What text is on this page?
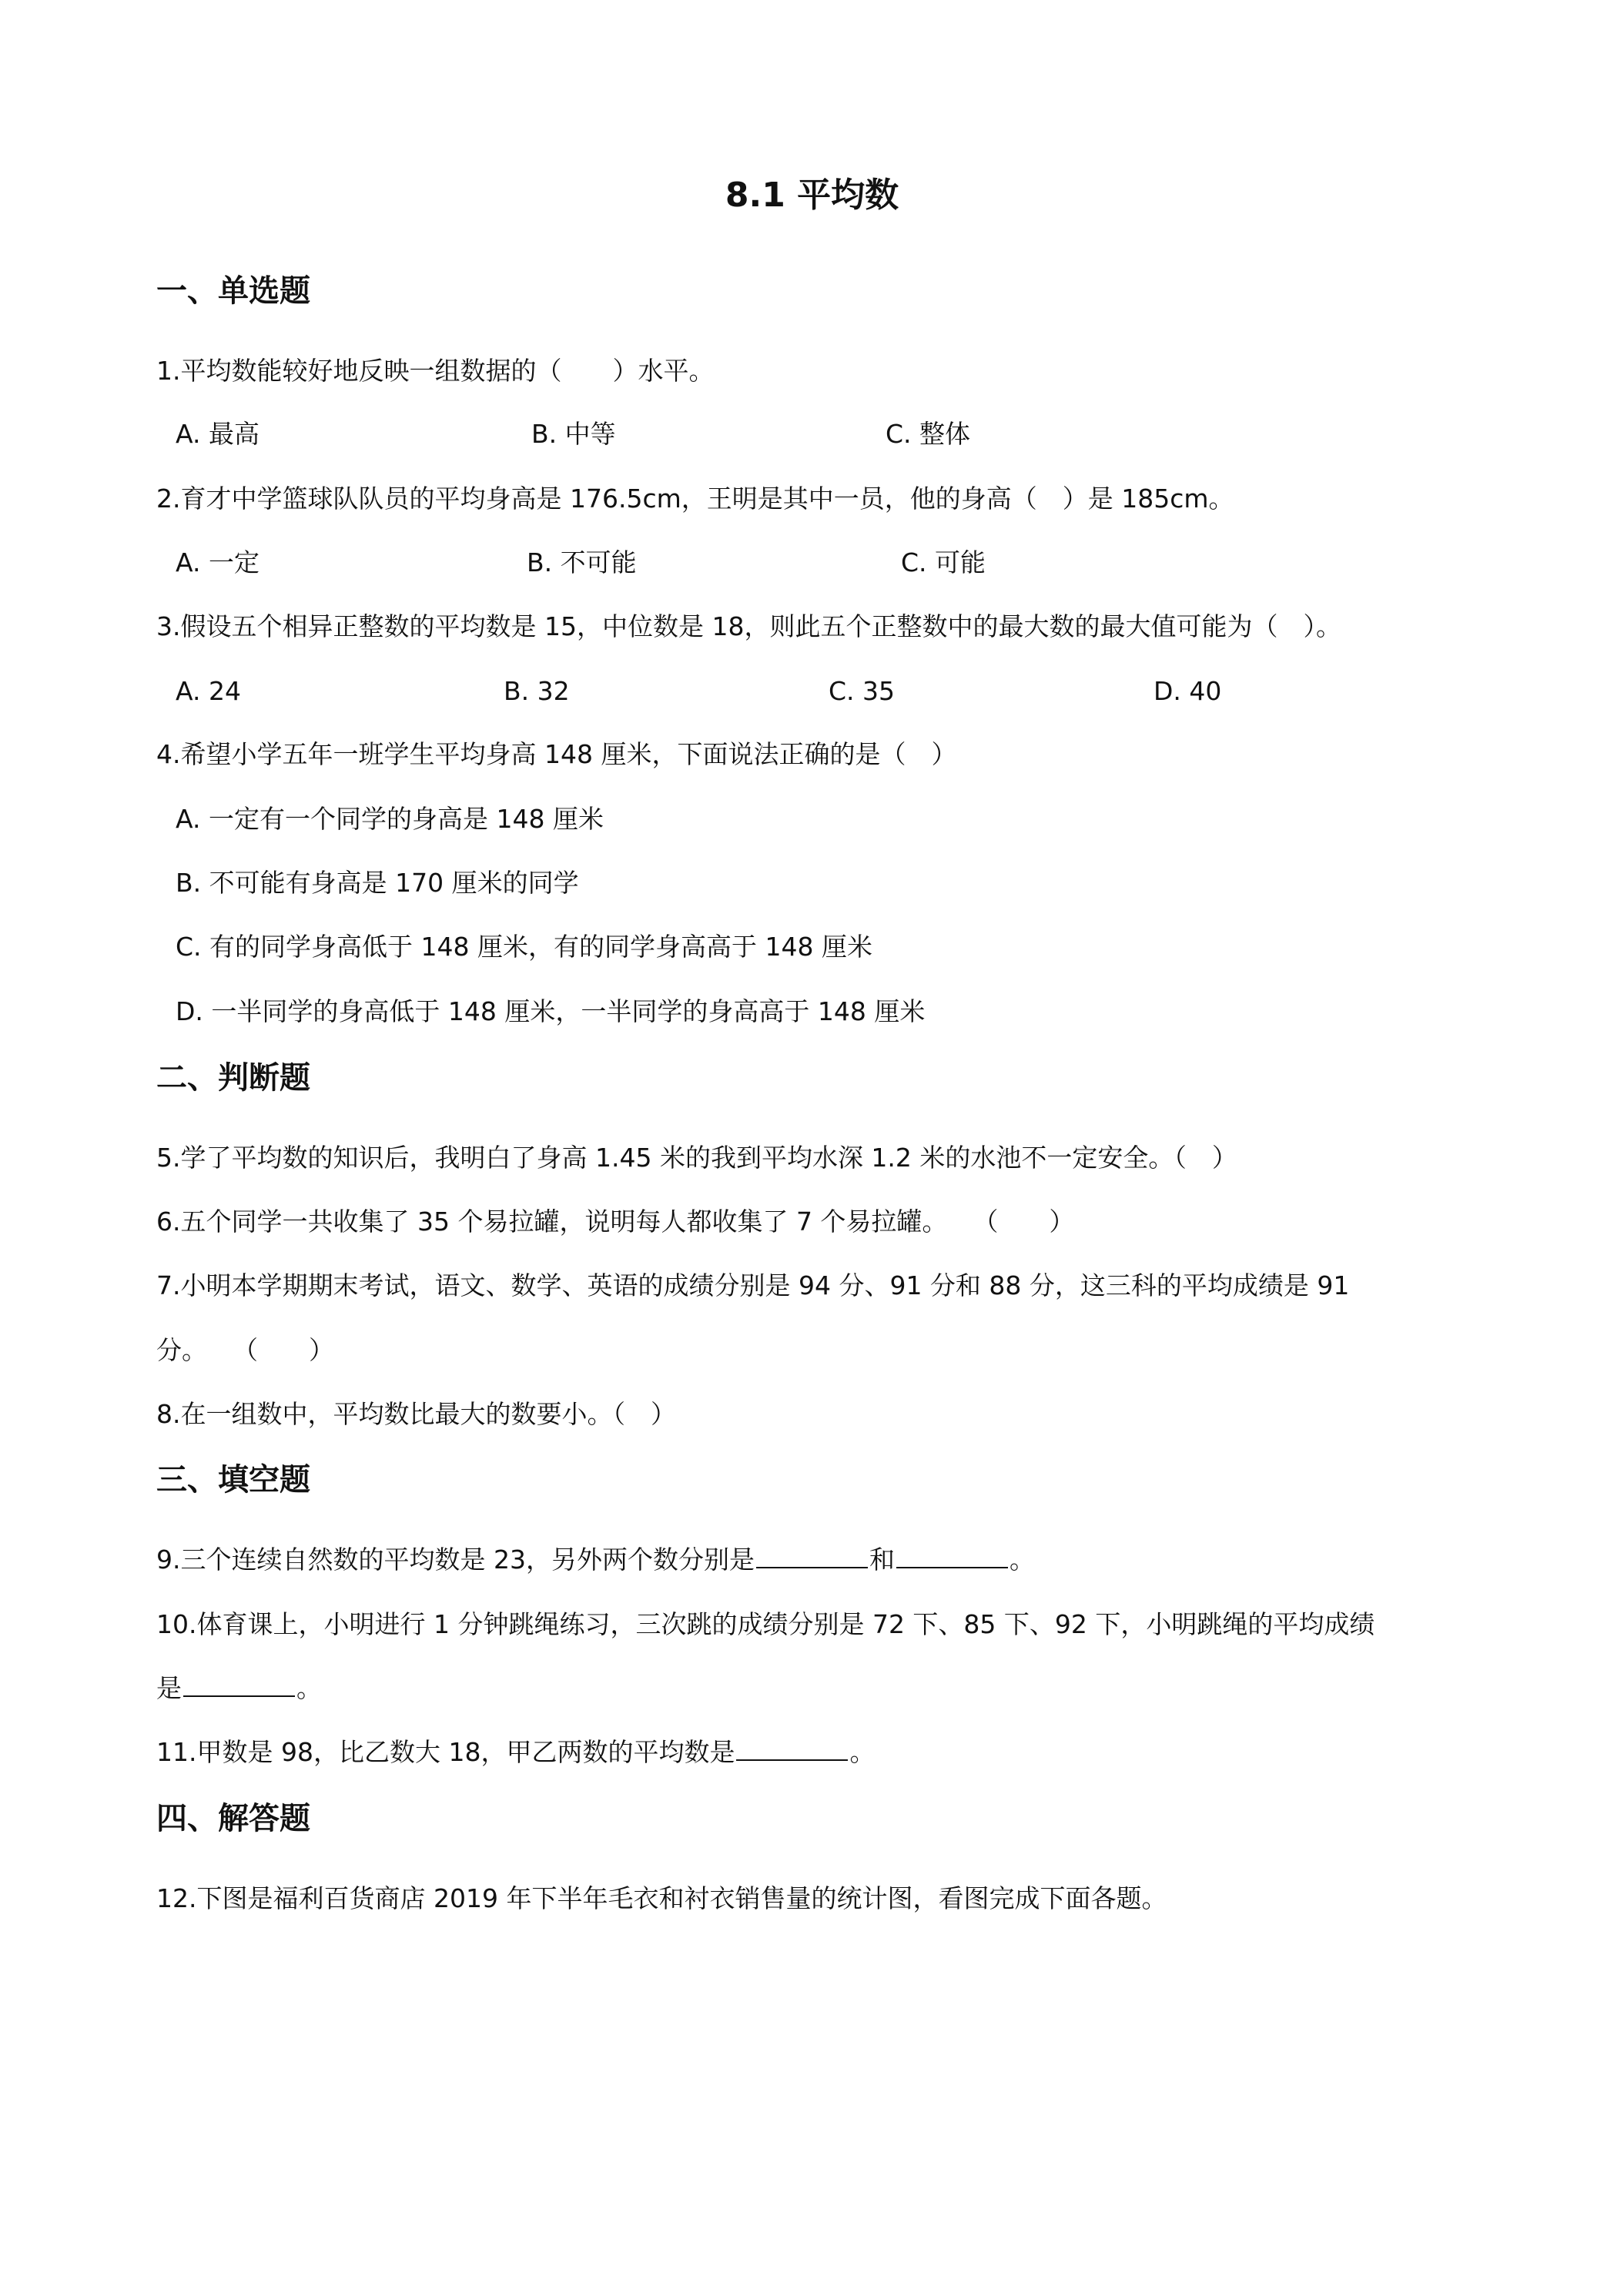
8.1 平均数
一、单选题
1.平均数能较好地反映一组数据的（　　）水平。
A. 最高	B. 中等	C. 整体
2.育才中学篮球队队员的平均身高是 176.5cm，王明是其中一员，他的身高（　）是 185cm。
A. 一定	B. 不可能	C. 可能
3.假设五个相异正整数的平均数是 15，中位数是 18，则此五个正整数中的最大数的最大值可能为（　）。
A. 24	B. 32	C. 35	D. 40
4.希望小学五年一班学生平均身高 148 厘米，下面说法正确的是（　）
A. 一定有一个同学的身高是 148 厘米
B. 不可能有身高是 170 厘米的同学
C. 有的同学身高低于 148 厘米，有的同学身高高于 148 厘米
D. 一半同学的身高低于 148 厘米，一半同学的身高高于 148 厘米
二、判断题
5.学了平均数的知识后，我明白了身高 1.45 米的我到平均水深 1.2 米的水池不一定安全。（　）
6.五个同学一共收集了 35 个易拉罐，说明每人都收集了 7 个易拉罐。　　（　　）
7.小明本学期期末考试，语文、数学、英语的成绩分别是 94 分、91 分和 88 分，这三科的平均成绩是 91
分。　　（　　）
8.在一组数中，平均数比最大的数要小。（　）
三、填空题
9.三个连续自然数的平均数是 23，另外两个数分别是	和	。
10.体育课上，小明进行 1 分钟跳绳练习，三次跳的成绩分别是 72 下、85 下、92 下，小明跳绳的平均成绩
是	。
11.甲数是 98，比乙数大 18，甲乙两数的平均数是	。
四、解答题
12.下图是福利百货商店 2019 年下半年毛衣和衬衣销售量的统计图，看图完成下面各题。
